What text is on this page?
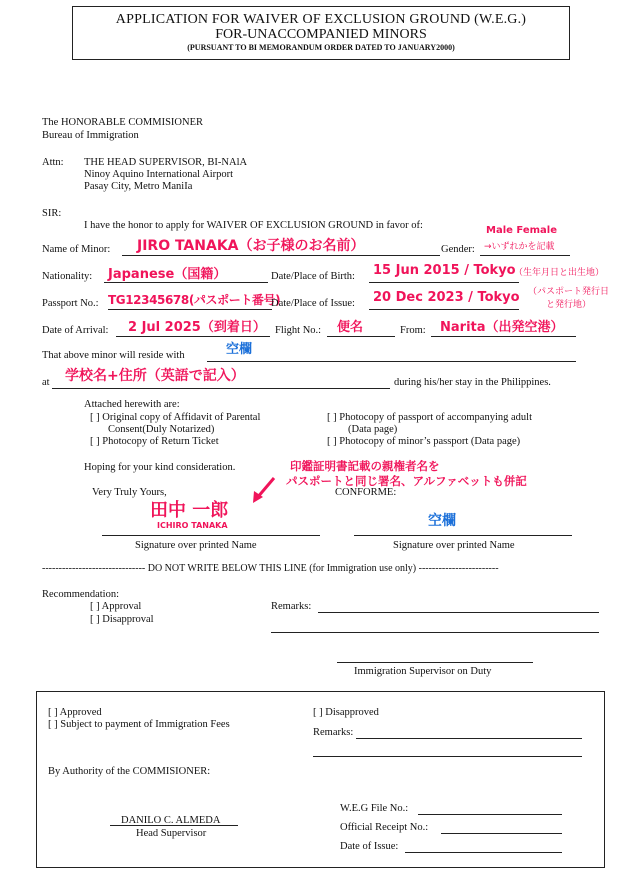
APPLICATION FOR WAIVER OF EXCLUSION GROUND (W.E.G.)
FOR-UNACCOMPANIED MINORS
(PURSUANT TO BI MEMORANDUM ORDER DATED TO JANUARY2000)
The HONORABLE COMMISIONER
Bureau of Immigration
Attn: THE HEAD SUPERVISOR, BI-NAlA
Ninoy Aquino International Airport
Pasay City, Metro ManiIa
SIR:
I have the honor to apply for WAIVER OF EXCLUSION GROUND in favor of:
Name of Minor: JIRO TANAKA（お子様のお名前）	Gender:
Male Female
→いずれかを記載
Nationality: Japanese（国籍）	Date/Place of Birth: 15 Jun 2015 / Tokyo
（生年月日と出生地）
Passport No.: TG12345678(パスポート番号)
Date/Place of Issue: 20 Dec 2023 / Tokyo （パスポート発行日
と発行地）
Date of Arrival: 2 Jul 2025（到着日） Flight No.: 便名	From: Narita（出発空港）
That above minor will reside with	空欄
at 学校名+住所（英語で記入）	during his/her stay in the Philippines.
Attached herewith are:
[ ] Original copy of Affidavit of Parental
Consent(Duly Notarized)
[ ] Photocopy of Return Ticket
[ ] Photocopy of passport of accompanying adult
(Data page)
[ ] Photocopy of minor’s passport (Data page)
Hoping for your kind consideration.	印鑑証明書記載の親権者名を
パスポートと同じ署名、アルファベットも併記
Very Truly Yours,	CONFORME:
田中 一郎
ICHIRO TANAKA	空欄
Signature over printed Name	Signature over printed Name
------------------------------- DO NOT WRITE BELOW THIS LINE (for Immigration use only) ------------------------
Recommendation:
[ ] Approval
[ ] Disapproval
Remarks:
Immigration Supervisor on Duty
[ ] Approved
[ ] Subject to payment of Immigration Fees
[ ] Disapproved
Remarks:
By Authority of the COMMISIONER:
DANILO C. ALMEDA
Head Supervisor
W.E.G File No.:
Official Receipt No.:
Date of Issue:
